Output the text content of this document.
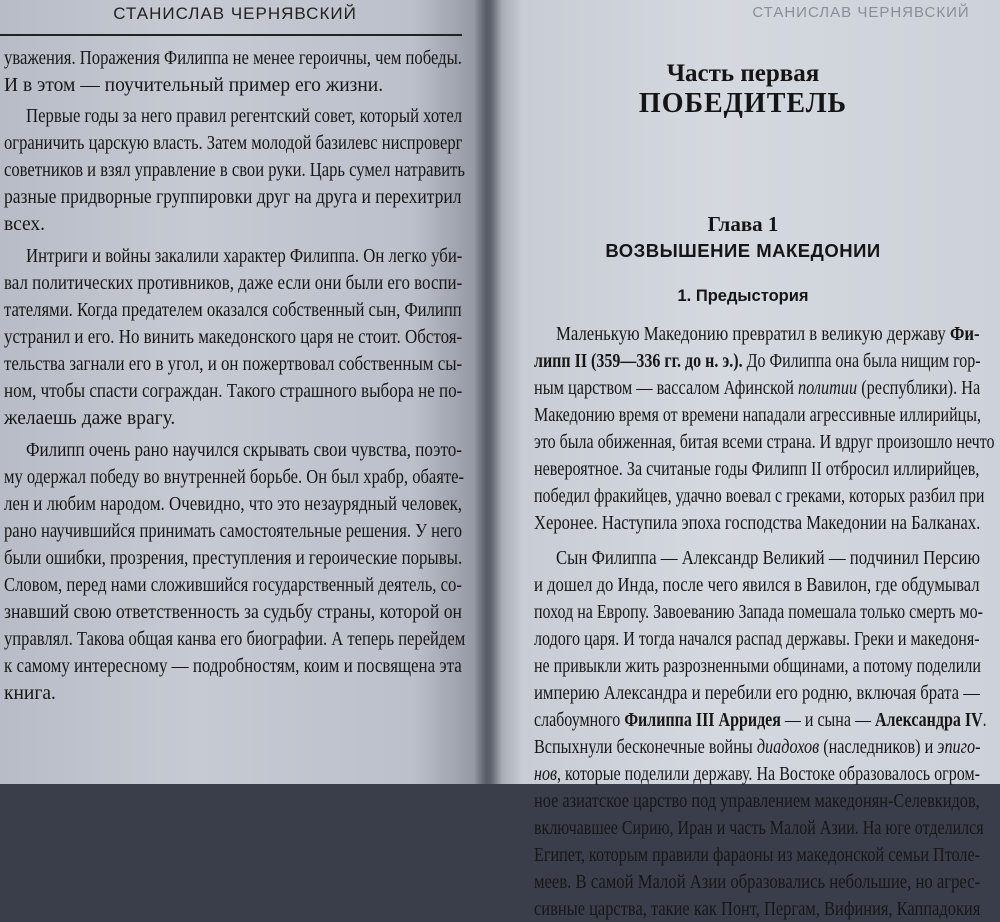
СТАНИСЛАВ ЧЕРНЯВСКИЙ
уважения. Поражения Филиппа не менее героичны, чем победы.
И в этом — поучительный пример его жизни.
Первые годы за него правил регентский совет, который хотел
ограничить царскую власть. Затем молодой базилевс ниспроверг
советников и взял управление в свои руки. Царь сумел натравить
разные придворные группировки друг на друга и перехитрил
всех.
Интриги и войны закалили характер Филиппа. Он легко уби-
вал политических противников, даже если они были его воспи-
тателями. Когда предателем оказался собственный сын, Филипп
устранил и его. Но винить македонского царя не стоит. Обстоя-
тельства загнали его в угол, и он пожертвовал собственным сы-
ном, чтобы спасти сограждан. Такого страшного выбора не по-
желаешь даже врагу.
Филипп очень рано научился скрывать свои чувства, поэто-
му одержал победу во внутренней борьбе. Он был храбр, обаяте-
лен и любим народом. Очевидно, что это незаурядный человек,
рано научившийся принимать самостоятельные решения. У него
были ошибки, прозрения, преступления и героические порывы.
Словом, перед нами сложившийся государственный деятель, со-
знавший свою ответственность за судьбу страны, которой он
управлял. Такова общая канва его биографии. А теперь перейдем
к самому интересному — подробностям, коим и посвящена эта
книга.
СТАНИСЛАВ ЧЕРНЯВСКИЙ
Часть первая
ПОБЕДИТЕЛЬ
Глава 1
ВОЗВЫШЕНИЕ МАКЕДОНИИ
1. Предыстория
Маленькую Македонию превратил в великую державу Фи-
липп II (359—336 гг. до н. э.). До Филиппа она была нищим гор-
ным царством — вассалом Афинской политии (республики). На
Македонию время от времени нападали агрессивные иллирийцы,
это была обиженная, битая всеми страна. И вдруг произошло нечто
невероятное. За считаные годы Филипп II отбросил иллирийцев,
победил фракийцев, удачно воевал с греками, которых разбил при
Херонее. Наступила эпоха господства Македонии на Балканах.
Сын Филиппа — Александр Великий — подчинил Персию
и дошел до Инда, после чего явился в Вавилон, где обдумывал
поход на Европу. Завоеванию Запада помешала только смерть мо-
лодого царя. И тогда начался распад державы. Греки и македоня-
не привыкли жить разрозненными общинами, а потому поделили
империю Александра и перебили его родню, включая брата —
слабоумного Филиппа III Арридея — и сына — Александра IV.
Вспыхнули бесконечные войны диадохов (наследников) и эпиго-
нов, которые поделили державу. На Востоке образовалось огром-
ное азиатское царство под управлением македонян-Селевкидов,
включавшее Сирию, Иран и часть Малой Азии. На юге отделился
Египет, которым правили фараоны из македонской семьи Птоле-
меев. В самой Малой Азии образовались небольшие, но агрес-
сивные царства, такие как Понт, Пергам, Вифиния, Каппадокия
